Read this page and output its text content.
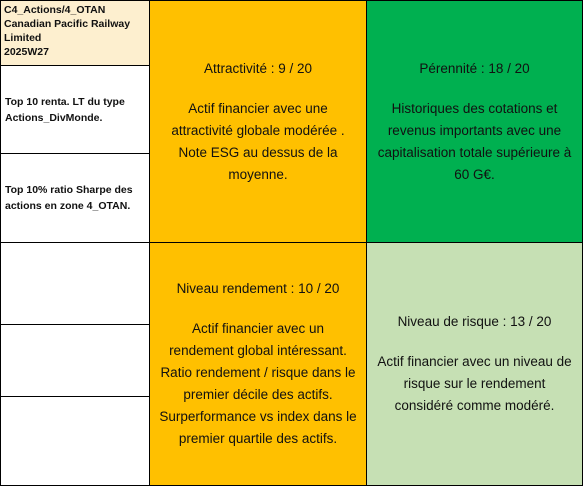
C4_Actions/4_OTAN
Canadian Pacific Railway
Limited
2025W27
Top 10 renta. LT du type Actions_DivMonde.
Top 10% ratio Sharpe des actions en zone 4_OTAN.
Attractivité : 9 / 20
Actif financier avec une attractivité globale modérée . Note ESG au dessus de la moyenne.
Pérennité : 18 / 20
Historiques des cotations et revenus importants avec une capitalisation totale supérieure à 60 G€.
Niveau rendement : 10 / 20
Actif financier avec un rendement global intéressant. Ratio rendement / risque dans le premier décile des actifs. Surperformance vs index dans le premier quartile des actifs.
Niveau de risque : 13 / 20
Actif financier avec un niveau de risque sur le rendement considéré comme modéré.
